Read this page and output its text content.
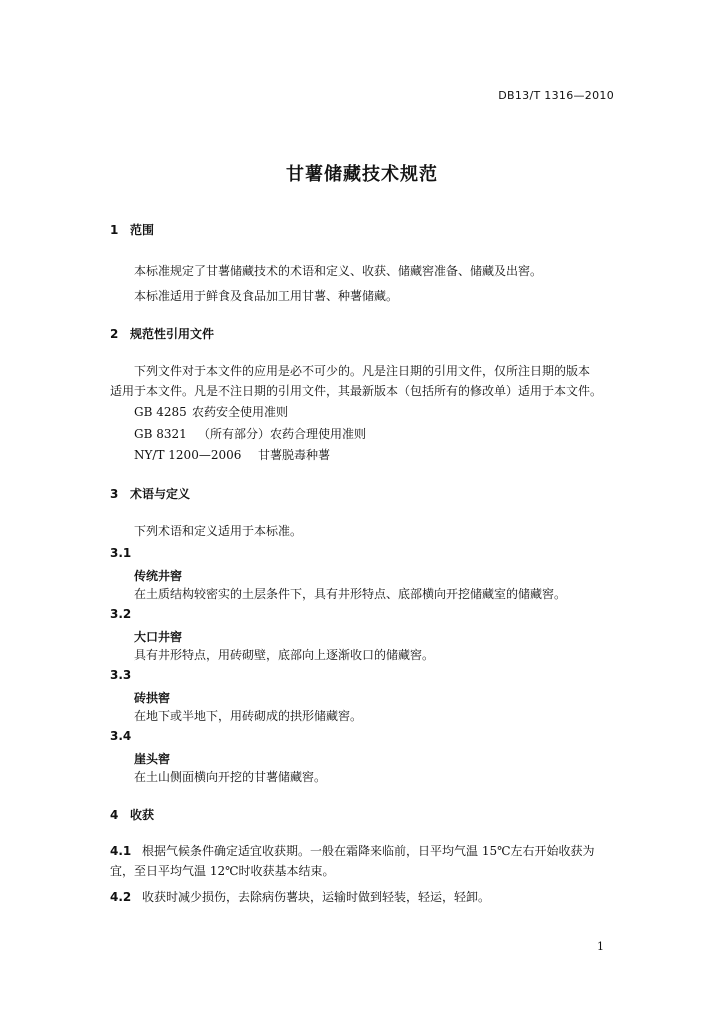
DB13/T 1316—2010
甘薯储藏技术规范
1 范围
本标准规定了甘薯储藏技术的术语和定义、收获、储藏窖准备、储藏及出窖。
本标准适用于鲜食及食品加工用甘薯、种薯储藏。
2 规范性引用文件
下列文件对于本文件的应用是必不可少的。凡是注日期的引用文件，仅所注日期的版本
适用于本文件。凡是不注日期的引用文件，其最新版本（包括所有的修改单）适用于本文件。
GB 4285 农药安全使用准则
GB 8321 （所有部分）农药合理使用准则
NY/T 1200—2006 甘薯脱毒种薯
3 术语与定义
下列术语和定义适用于本标准。
3.1
传统井窖
在土质结构较密实的土层条件下，具有井形特点、底部横向开挖储藏室的储藏窖。
3.2
大口井窖
具有井形特点，用砖砌壁，底部向上逐渐收口的储藏窖。
3.3
砖拱窖
在地下或半地下，用砖砌成的拱形储藏窖。
3.4
崖头窖
在土山侧面横向开挖的甘薯储藏窖。
4 收获
4.1 根据气候条件确定适宜收获期。一般在霜降来临前，日平均气温 15℃左右开始收获为
宜，至日平均气温 12℃时收获基本结束。
4.2 收获时减少损伤，去除病伤薯块，运输时做到轻装，轻运，轻卸。
1
